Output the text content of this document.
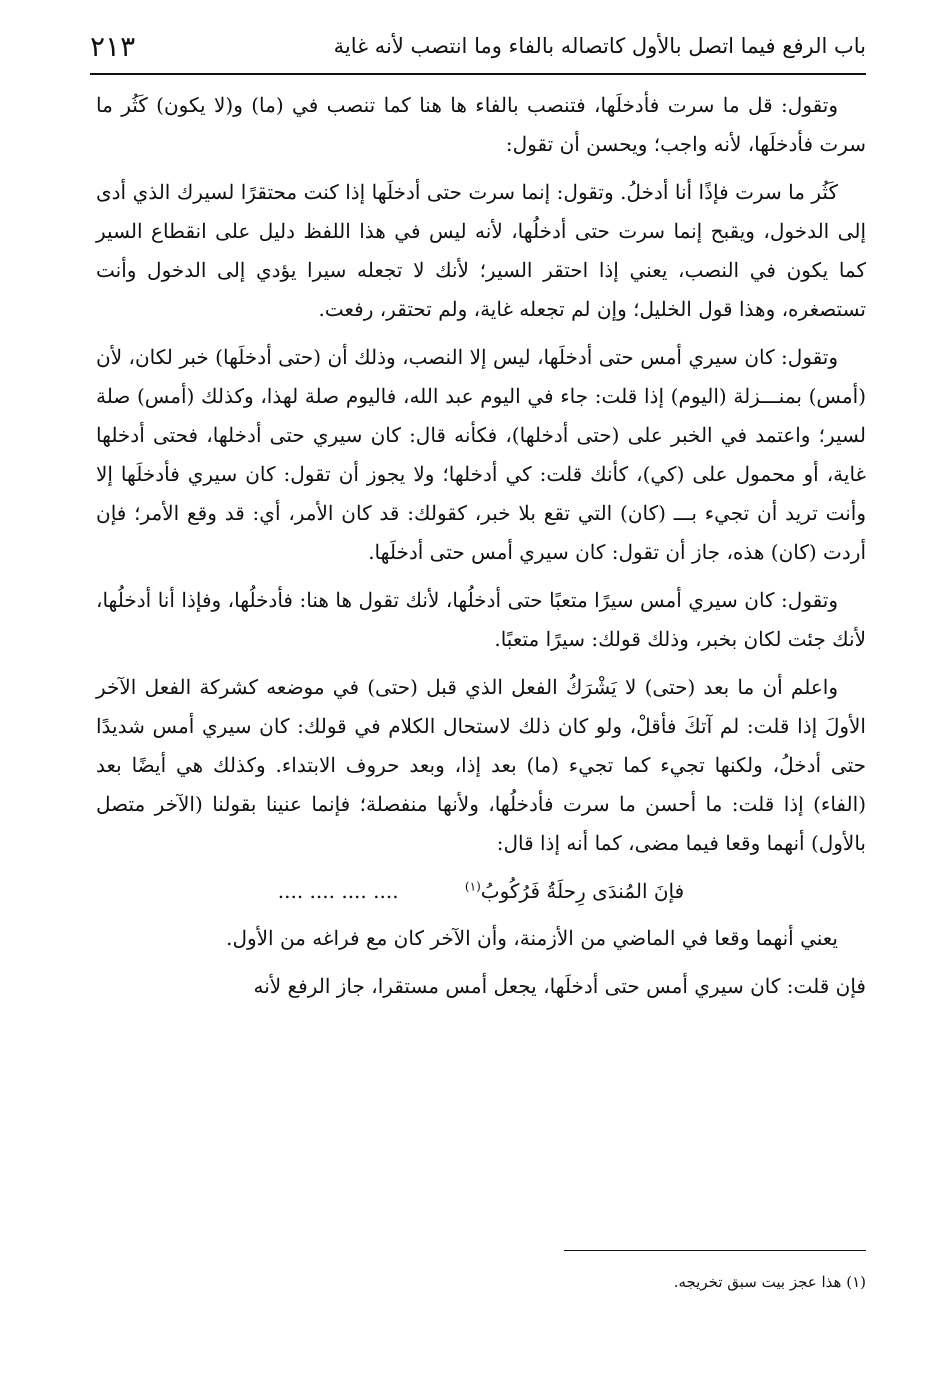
باب الرفع فيما اتصل بالأول كاتصاله بالفاء وما انتصب لأنه غاية
٢١٣

وتقول: قل ما سرت فأدخلَها، فتنصب بالفاء ها هنا كما تنصب في (ما) و(لا يكون) كَثُر ما سرت فأدخلَها، لأنه واجب؛ ويحسن أن تقول:

كَثُر ما سرت فإذًا أنا أدخلُ. وتقول: إنما سرت حتى أدخلَها إذا كنت محتقرًا لسيرك الذي أدى إلى الدخول، ويقبح إنما سرت حتى أدخلُها، لأنه ليس في هذا اللفظ دليل على انقطاع السير كما يكون في النصب، يعني إذا احتقر السير؛ لأنك لا تجعله سيرا يؤدي إلى الدخول وأنت تستصغره، وهذا قول الخليل؛ وإن لم تجعله غاية، ولم تحتقر، رفعت.

وتقول: كان سيري أمس حتى أدخلَها، ليس إلا النصب، وذلك أن (حتى أدخلَها) خبر لكان، لأن (أمس) بمنـــزلة (اليوم) إذا قلت: جاء في اليوم عبد الله، فاليوم صلة لهذا، وكذلك (أمس) صلة لسير؛ واعتمد في الخبر على (حتى أدخلها)، فكأنه قال: كان سيري حتى أدخلها، فحتى أدخلها غاية، أو محمول على (كي)، كأنك قلت: كي أدخلها؛ ولا يجوز أن تقول: كان سيري فأدخلَها إلا وأنت تريد أن تجيء بـــ (كان) التي تقع بلا خبر، كقولك: قد كان الأمر، أي: قد وقع الأمر؛ فإن أردت (كان) هذه، جاز أن تقول: كان سيري أمس حتى أدخلَها.

وتقول: كان سيري أمس سيرًا متعبًا حتى أدخلُها، لأنك تقول ها هنا: فأدخلُها، وفإذا أنا أدخلُها، لأنك جئت لكان بخبر، وذلك قولك: سيرًا متعبًا.

واعلم أن ما بعد (حتى) لا يَشْرَكُ الفعل الذي قبل (حتى) في موضعه كشركة الفعل الآخر الأولَ إذا قلت: لم آتكَ فأقلْ، ولو كان ذلك لاستحال الكلام في قولك: كان سيري أمس شديدًا حتى أدخلُ، ولكنها تجيء كما تجيء (ما) بعد إذا، وبعد حروف الابتداء. وكذلك هي أيضًا بعد (الفاء) إذا قلت: ما أحسن ما سرت فأدخلُها، ولأنها منفصلة؛ فإنما عنينا بقولنا (الآخر متصل بالأول) أنهما وقعا فيما مضى، كما أنه إذا قال:

فإنَ المُندَى رِحلَةُ فَرُكُوبُ$^{(١)}$ .... .... .... ....

يعني أنهما وقعا في الماضي من الأزمنة، وأن الآخر كان مع فراغه من الأول.

فإن قلت: كان سيري أمس حتى أدخلَها، يجعل أمس مستقرا، جاز الرفع لأنه

(١) هذا عجز بيت سبق تخريجه.
